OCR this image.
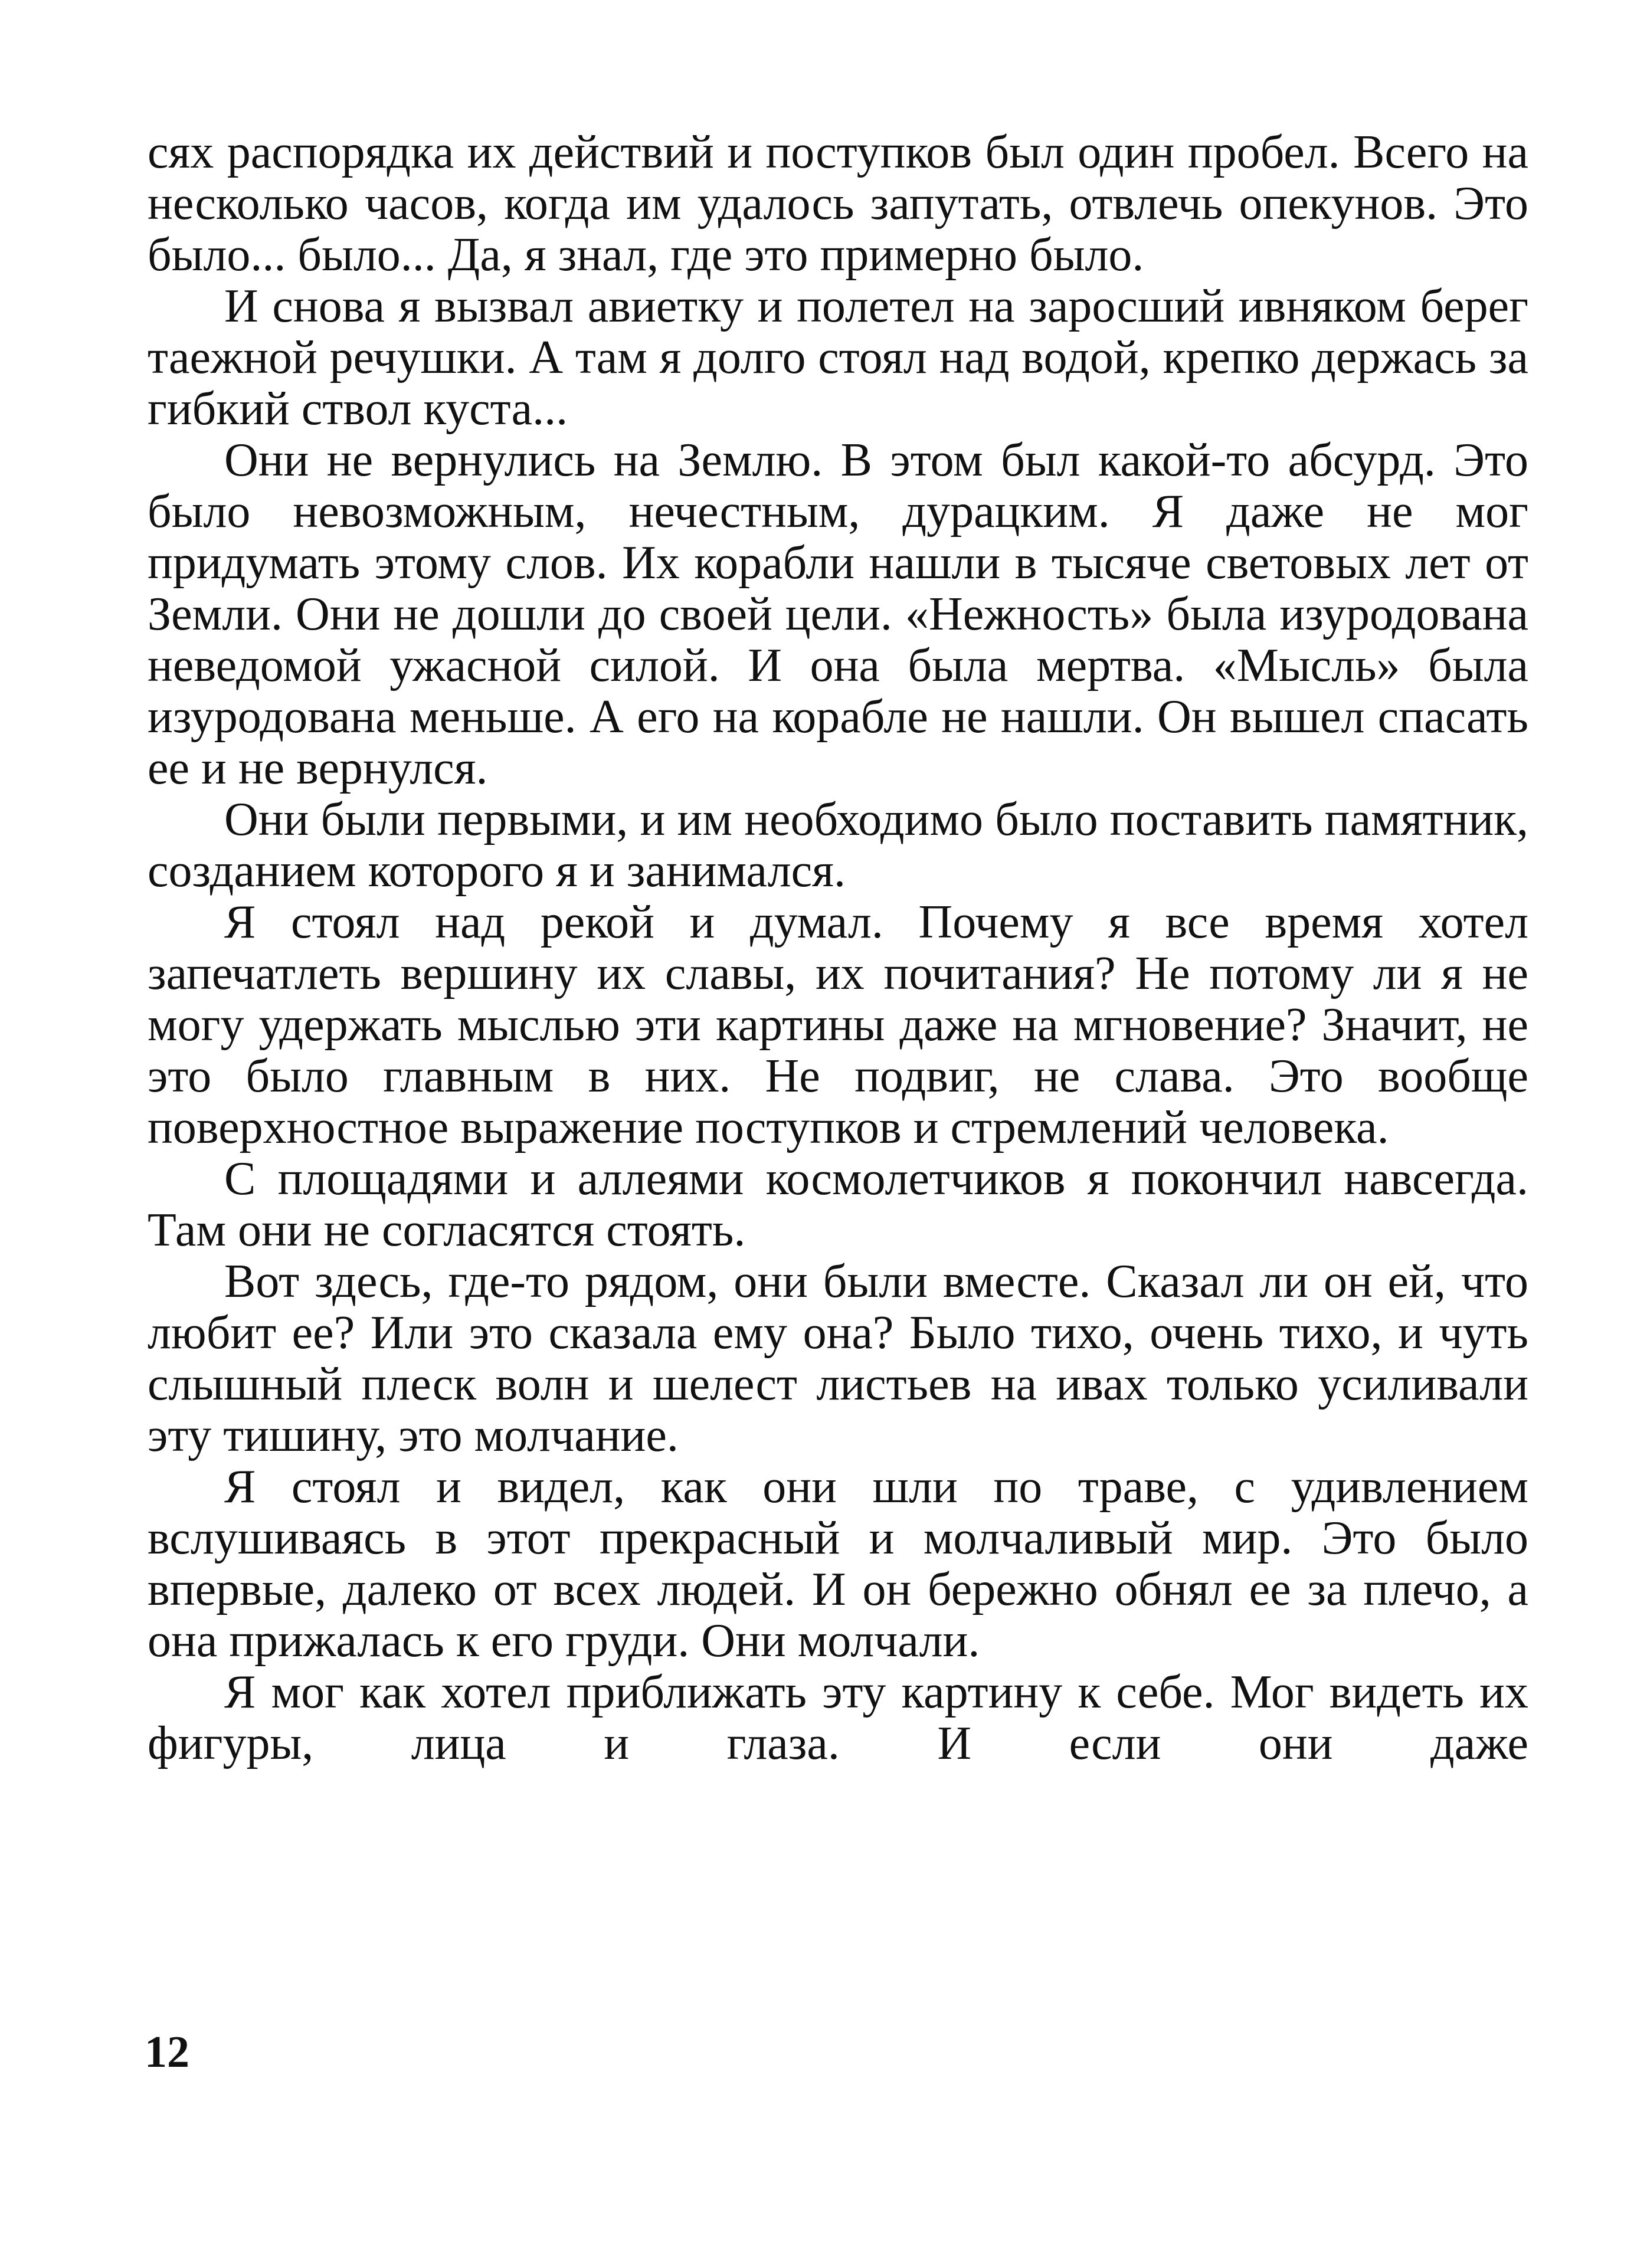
сях распорядка их действий и поступков был один пробел. Всего на несколько часов, когда им удалось запутать, отвлечь опекунов. Это было... было... Да, я знал, где это примерно было.

И снова я вызвал авиетку и полетел на заросший ивняком берег таежной речушки. А там я долго стоял над водой, крепко держась за гибкий ствол куста...

Они не вернулись на Землю. В этом был какой-то абсурд. Это было невозможным, нечестным, дурацким. Я даже не мог придумать этому слов. Их корабли нашли в тысяче световых лет от Земли. Они не дошли до своей цели. «Нежность» была изуродована неведомой ужасной силой. И она была мертва. «Мысль» была изуродована меньше. А его на корабле не нашли. Он вышел спасать ее и не вернулся.

Они были первыми, и им необходимо было поставить памятник, созданием которого я и занимался.

Я стоял над рекой и думал. Почему я все время хотел запечатлеть вершину их славы, их почитания? Не потому ли я не могу удержать мыслью эти картины даже на мгновение? Значит, не это было главным в них. Не подвиг, не слава. Это вообще поверхностное выражение поступков и стремлений человека.

С площадями и аллеями космолетчиков я покончил навсегда. Там они не согласятся стоять.

Вот здесь, где-то рядом, они были вместе. Сказал ли он ей, что любит ее? Или это сказала ему она? Было тихо, очень тихо, и чуть слышный плеск волн и шелест листьев на ивах только усиливали эту тишину, это молчание.

Я стоял и видел, как они шли по траве, с удивлением вслушиваясь в этот прекрасный и молчаливый мир. Это было впервые, далеко от всех людей. И он бережно обнял ее за плечо, а она прижалась к его груди. Они молчали.

Я мог как хотел приближать эту картину к себе. Мог видеть их фигуры, лица и глаза. И если они даже

12
